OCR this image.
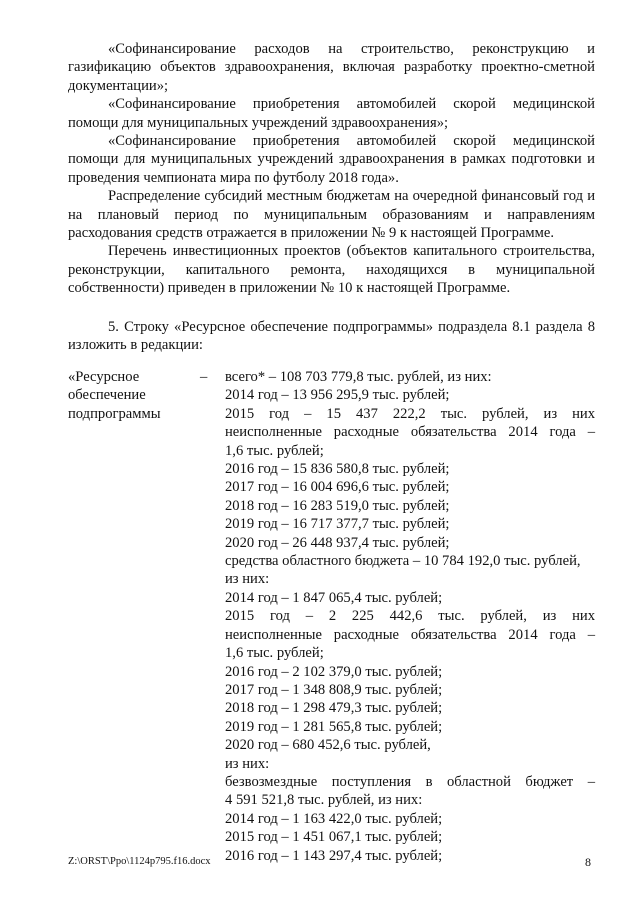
«Софинансирование расходов на строительство, реконструкцию и газификацию объектов здравоохранения, включая разработку проектно-сметной документации»;

«Софинансирование приобретения автомобилей скорой медицинской помощи для муниципальных учреждений здравоохранения»;

«Софинансирование приобретения автомобилей скорой медицинской помощи для муниципальных учреждений здравоохранения в рамках подготовки и проведения чемпионата мира по футболу 2018 года».

Распределение субсидий местным бюджетам на очередной финансовый год и на плановый период по муниципальным образованиям и направлениям расходования средств отражается в приложении № 9 к настоящей Программе.

Перечень инвестиционных проектов (объектов капитального строительства, реконструкции, капитального ремонта, находящихся в муниципальной собственности) приведен в приложении № 10 к настоящей Программе.

5. Строку «Ресурсное обеспечение подпрограммы» подраздела 8.1 раздела 8 изложить в редакции:

«Ресурсное
обеспечение
подпрограммы
– всего* – 108 703 779,8 тыс. рублей, из них:
2014 год – 13 956 295,9 тыс. рублей;
2015 год – 15 437 222,2 тыс. рублей, из них
неисполненные расходные обязательства 2014 года –
1,6 тыс. рублей;
2016 год – 15 836 580,8 тыс. рублей;
2017 год – 16 004 696,6 тыс. рублей;
2018 год – 16 283 519,0 тыс. рублей;
2019 год – 16 717 377,7 тыс. рублей;
2020 год – 26 448 937,4 тыс. рублей;
средства областного бюджета – 10 784 192,0 тыс. рублей,
из них:
2014 год – 1 847 065,4 тыс. рублей;
2015 год – 2 225 442,6 тыс. рублей, из них
неисполненные расходные обязательства 2014 года –
1,6 тыс. рублей;
2016 год – 2 102 379,0 тыс. рублей;
2017 год – 1 348 808,9 тыс. рублей;
2018 год – 1 298 479,3 тыс. рублей;
2019 год – 1 281 565,8 тыс. рублей;
2020 год – 680 452,6 тыс. рублей,
из них:
безвозмездные поступления в областной бюджет –
4 591 521,8 тыс. рублей, из них:
2014 год – 1 163 422,0 тыс. рублей;
2015 год – 1 451 067,1 тыс. рублей;
2016 год – 1 143 297,4 тыс. рублей;
Z:\ORST\Ppo\1124p795.f16.docx	8
